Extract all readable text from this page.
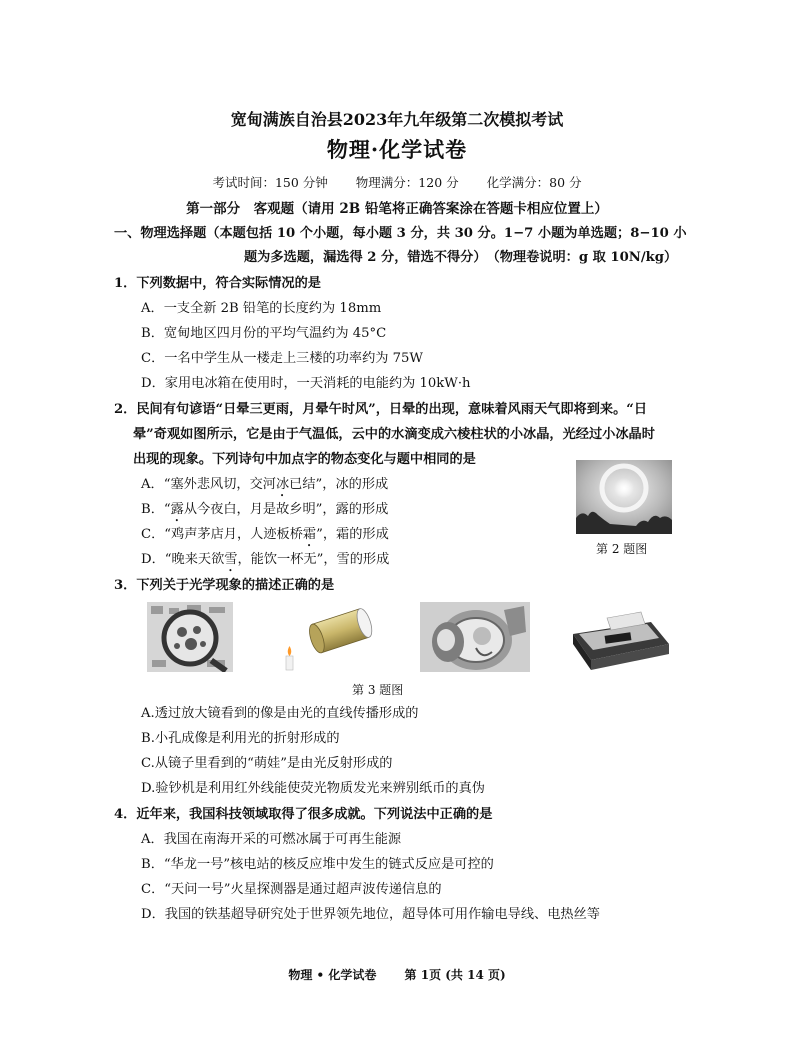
宽甸满族自治县2023年九年级第二次模拟考试
物理·化学试卷
考试时间：150 分钟 物理满分：120 分 化学满分：80 分
第一部分　客观题（请用 2B 铅笔将正确答案涂在答题卡相应位置上）
一、物理选择题（本题包括 10 个小题，每小题 3 分，共 30 分。1−7 小题为单选题；8−10 小
题为多选题，漏选得 2 分，错选不得分）　（物理卷说明：g 取 10N/kg）
1．下列数据中，符合实际情况的是
A．一支全新 2B 铅笔的长度约为 18mm
B．宽甸地区四月份的平均气温约为 45°C
C．一名中学生从一楼走上三楼的功率约为 75W
D．家用电冰箱在使用时，一天消耗的电能约为 10kW·h
2．民间有句谚语“日晕三更雨，月晕午时风”，日晕的出现，意味着风雨天气即将到来。“日
晕”奇观如图所示，它是由于气温低，云中的水滴变成六棱柱状的小冰晶，光经过小冰晶时
出现的现象。下列诗句中加点字的物态变化与题中相同的是
A．“塞外悲风切，交河冰已结”，冰的形成
B．“露从今夜白，月是故乡明”，露的形成
C．“鸡声茅店月，人迹板桥霜”，霜的形成
D．“晚来天欲雪，能饮一杯无”，雪的形成
第 2 题图
3．下列关于光学现象的描述正确的是
第 3 题图
A.透过放大镜看到的像是由光的直线传播形成的
B.小孔成像是利用光的折射形成的
C.从镜子里看到的“萌娃”是由光反射形成的
D.验钞机是利用红外线能使荧光物质发光来辨别纸币的真伪
4．近年来，我国科技领域取得了很多成就。下列说法中正确的是
A．我国在南海开采的可燃冰属于可再生能源
B．“华龙一号”核电站的核反应堆中发生的链式反应是可控的
C．“天问一号”火星探测器是通过超声波传递信息的
D．我国的铁基超导研究处于世界领先地位，超导体可用作输电导线、电热丝等
物理 • 化学试卷 第 1页 (共 14 页)
